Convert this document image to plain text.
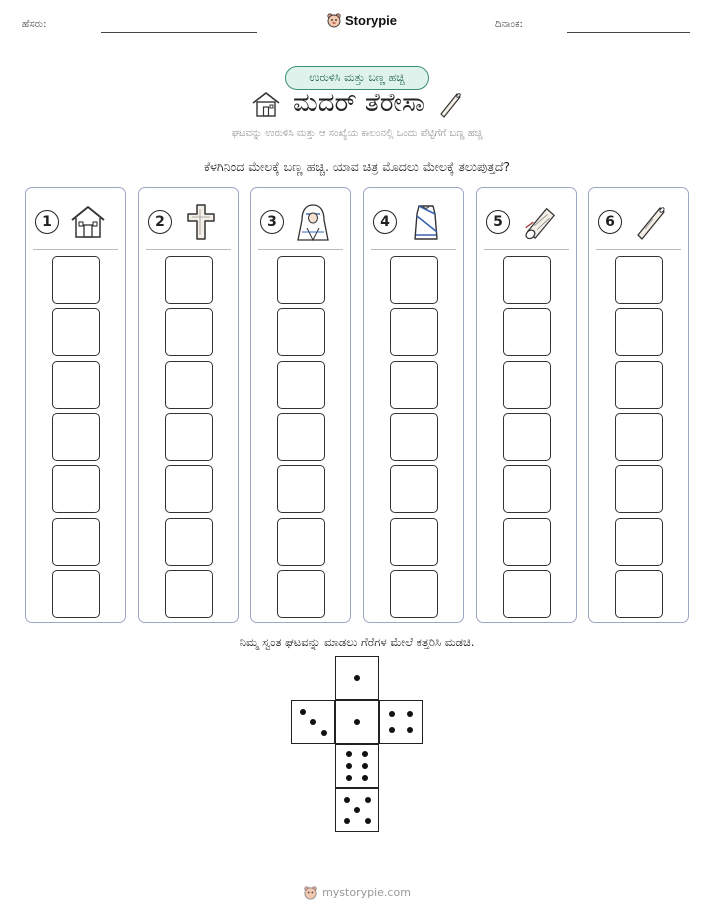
ಹೆಸರು:	Storypie	ದಿನಾಂಕ:
ಉರುಳಿಸಿ ಮತ್ತು ಬಣ್ಣ ಹಚ್ಚಿ
ಮದರ್ ತೆರೇಸಾ
ಘಟವನ್ನು ಉರುಳಿಸಿ ಮತ್ತು ಆ ಸಂಖ್ಯೆಯ ಕಾಲಂನಲ್ಲಿ ಒಂದು ಪೆಟ್ಟಿಗೆಗೆ ಬಣ್ಣ ಹಚ್ಚಿ
ಕೆಳಗಿನಿಂದ ಮೇಲಕ್ಕೆ ಬಣ್ಣ ಹಚ್ಚಿ. ಯಾವ ಚಿತ್ರ ಮೊದಲು ಮೇಲಕ್ಕೆ ತಲುಪುತ್ತದೆ?
1	2	3	4	5	6
ನಿಮ್ಮ ಸ್ವಂತ ಘಟವನ್ನು ಮಾಡಲು ಗೆರೆಗಳ ಮೇಲೆ ಕತ್ತರಿಸಿ ಮಡಚಿ.
mystorypie.com
